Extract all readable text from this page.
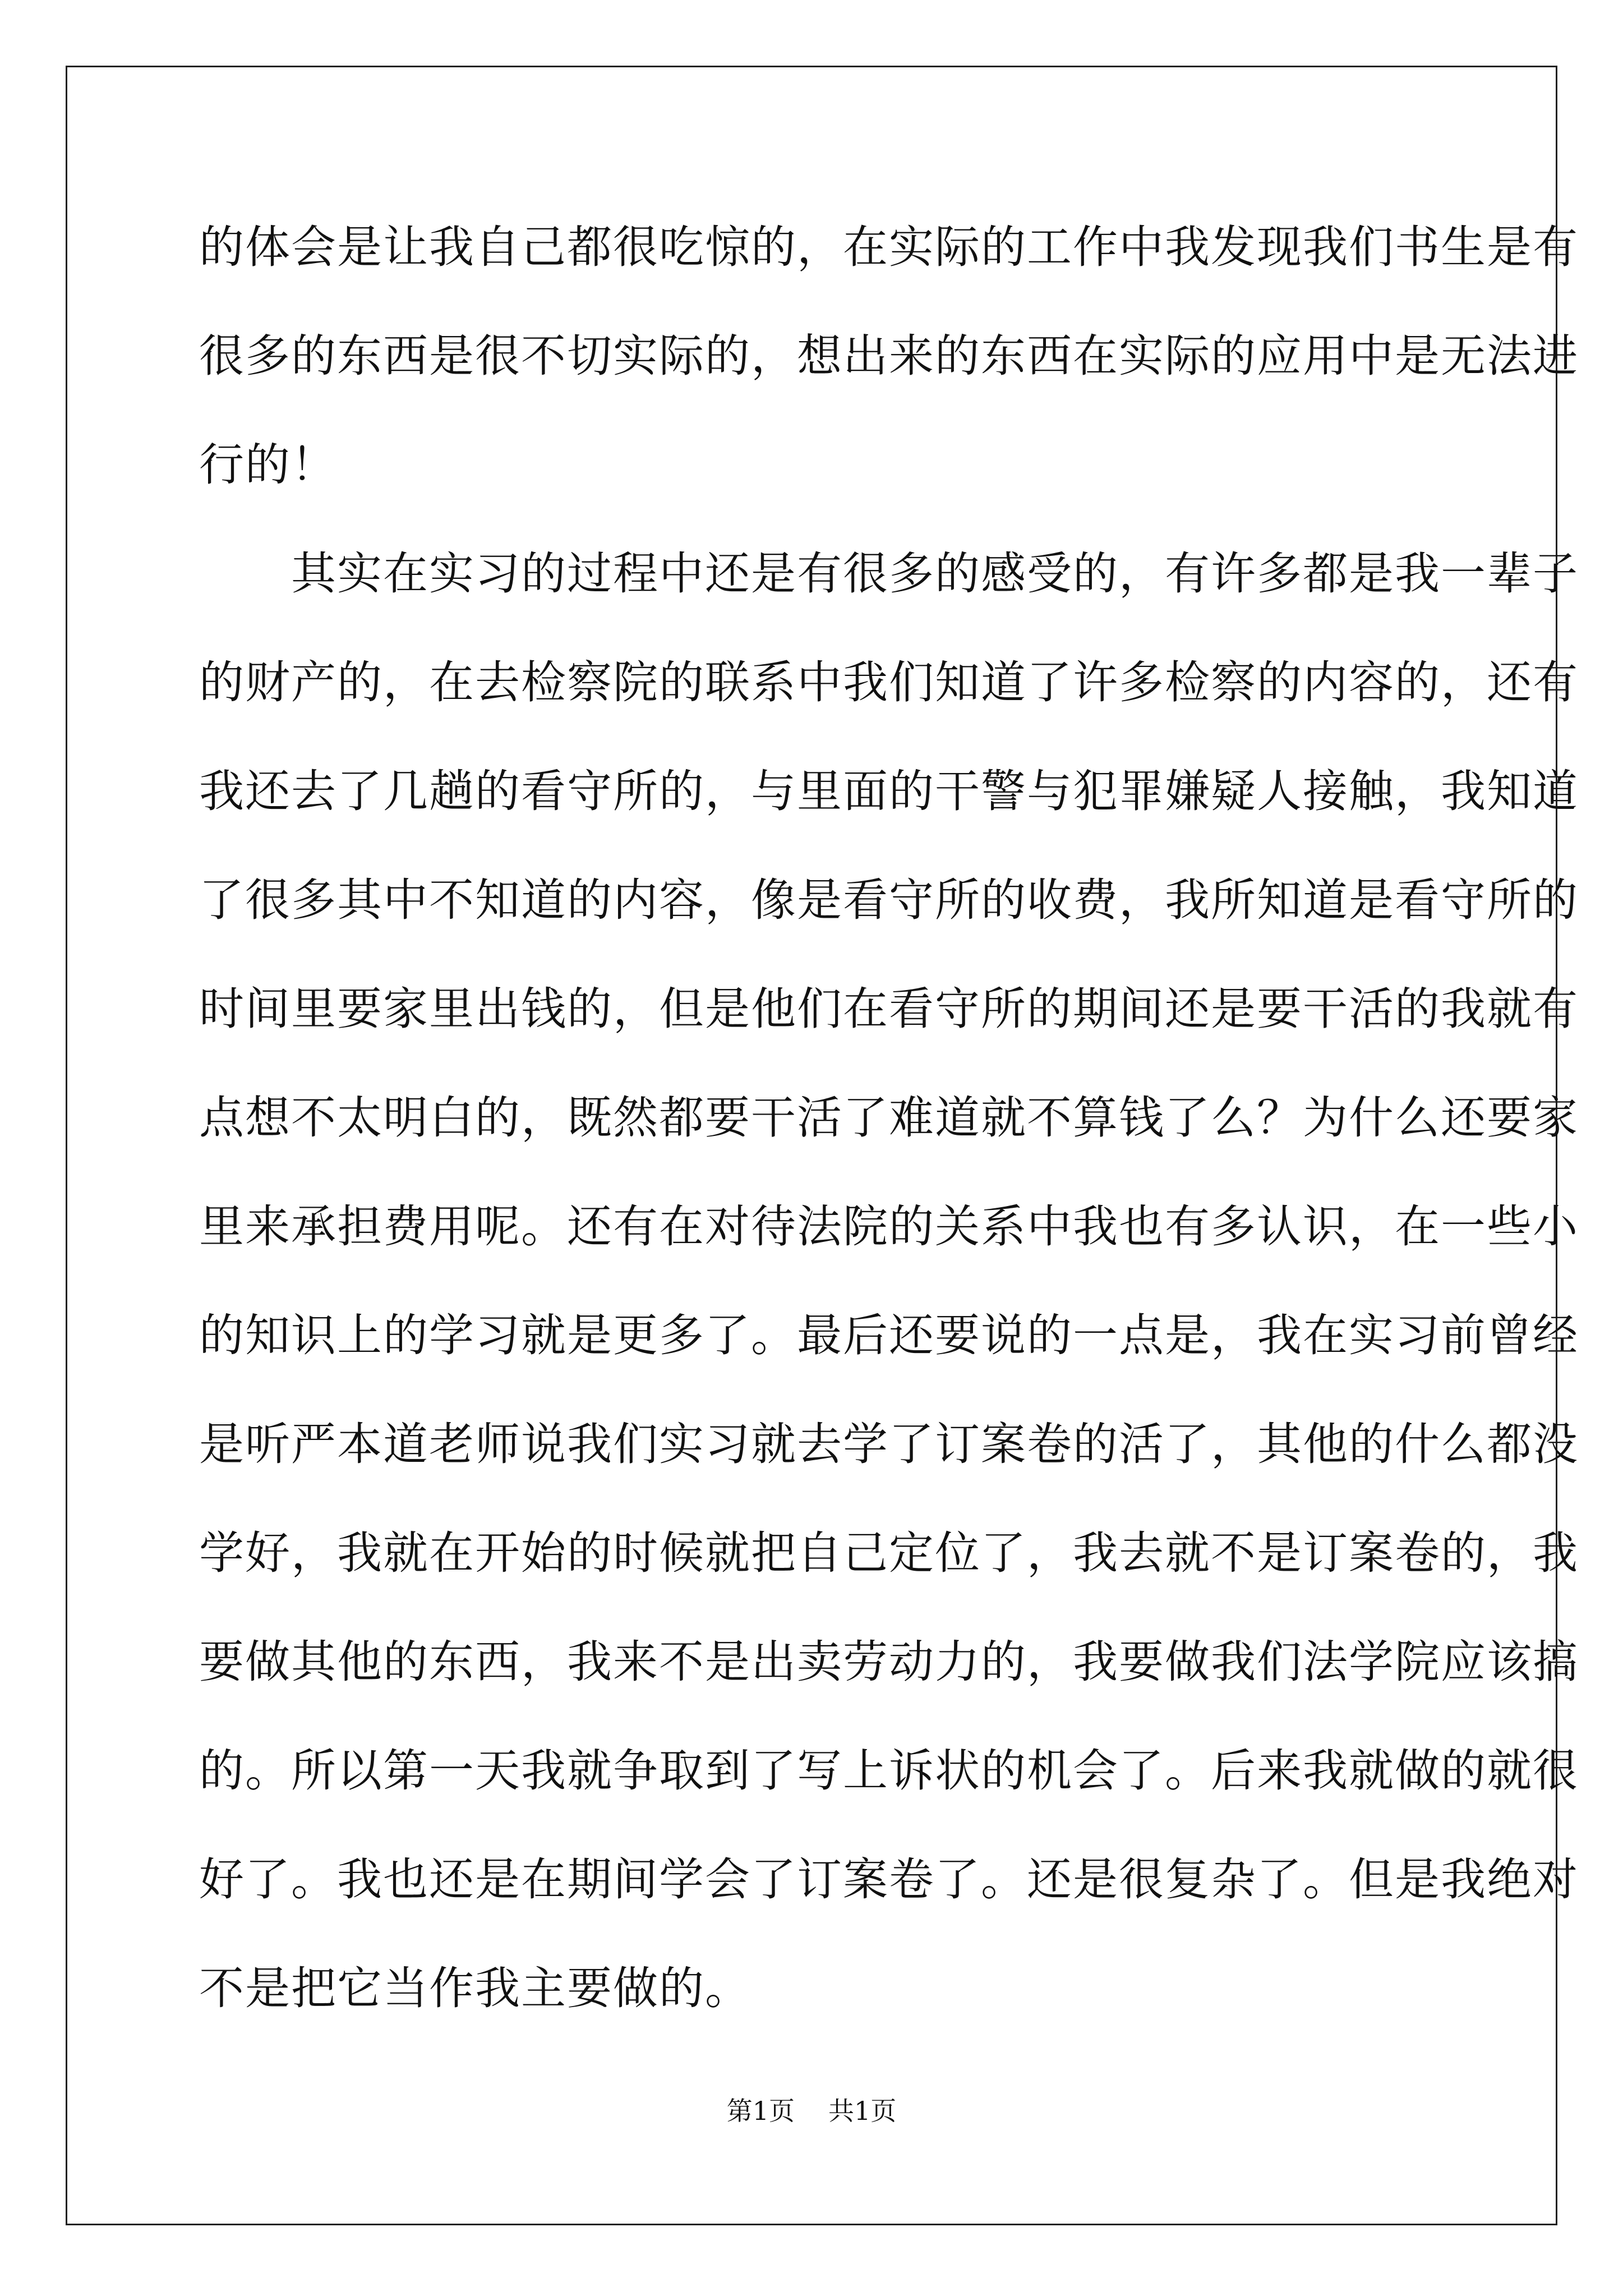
的体会是让我自己都很吃惊的，在实际的工作中我发现我们书生是有
很多的东西是很不切实际的，想出来的东西在实际的应用中是无法进
行的！
　　其实在实习的过程中还是有很多的感受的，有许多都是我一辈子
的财产的，在去检察院的联系中我们知道了许多检察的内容的，还有
我还去了几趟的看守所的，与里面的干警与犯罪嫌疑人接触，我知道
了很多其中不知道的内容，像是看守所的收费，我所知道是看守所的
时间里要家里出钱的，但是他们在看守所的期间还是要干活的我就有
点想不太明白的，既然都要干活了难道就不算钱了么？为什么还要家
里来承担费用呢。还有在对待法院的关系中我也有多认识，在一些小
的知识上的学习就是更多了。最后还要说的一点是，我在实习前曾经
是听严本道老师说我们实习就去学了订案卷的活了，其他的什么都没
学好，我就在开始的时候就把自己定位了，我去就不是订案卷的，我
要做其他的东西，我来不是出卖劳动力的，我要做我们法学院应该搞
的。所以第一天我就争取到了写上诉状的机会了。后来我就做的就很
好了。我也还是在期间学会了订案卷了。还是很复杂了。但是我绝对
不是把它当作我主要做的。
第1页 共1页
